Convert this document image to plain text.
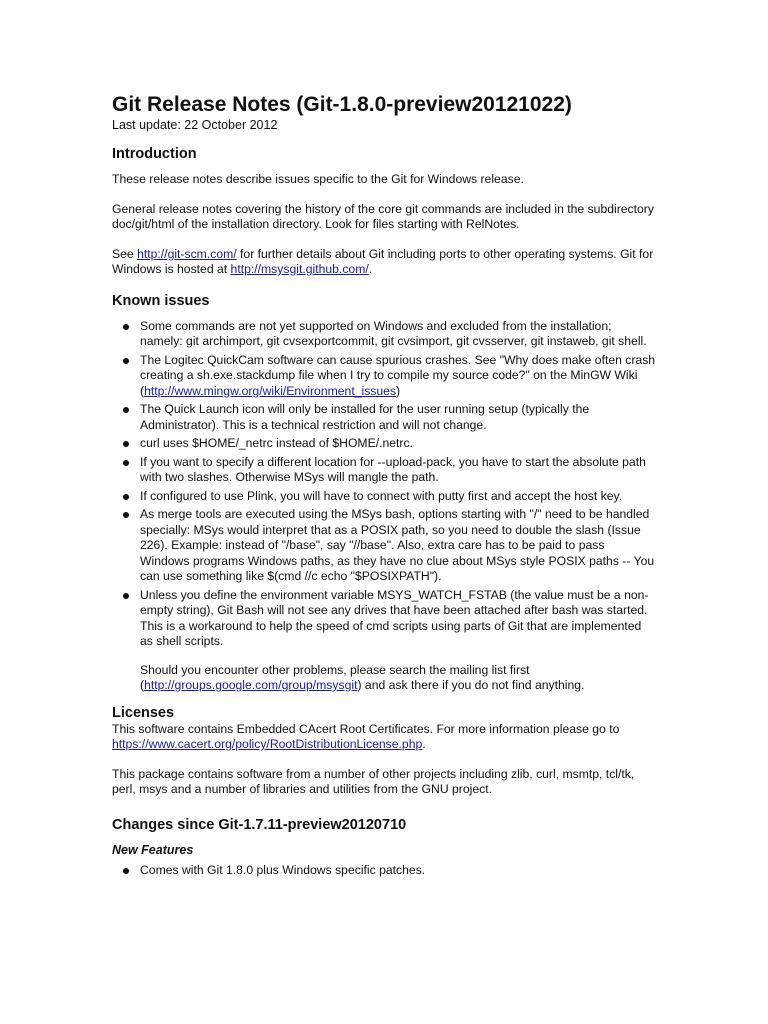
Git Release Notes (Git-1.8.0-preview20121022)
Last update: 22 October 2012
Introduction

These release notes describe issues specific to the Git for Windows release.

General release notes covering the history of the core git commands are included in the subdirectory doc/git/html of the installation directory. Look for files starting with RelNotes.

See http://git-scm.com/ for further details about Git including ports to other operating systems. Git for Windows is hosted at http://msysgit.github.com/.

Known issues
Some commands are not yet supported on Windows and excluded from the installation; namely: git archimport, git cvsexportcommit, git cvsimport, git cvsserver, git instaweb, git shell.
The Logitec QuickCam software can cause spurious crashes. See "Why does make often crash creating a sh.exe.stackdump file when I try to compile my source code?" on the MinGW Wiki (http://www.mingw.org/wiki/Environment_issues)
The Quick Launch icon will only be installed for the user running setup (typically the Administrator). This is a technical restriction and will not change.
curl uses $HOME/_netrc instead of $HOME/.netrc.
If you want to specify a different location for --upload-pack, you have to start the absolute path with two slashes. Otherwise MSys will mangle the path.
If configured to use Plink, you will have to connect with putty first and accept the host key.
As merge tools are executed using the MSys bash, options starting with "/" need to be handled specially: MSys would interpret that as a POSIX path, so you need to double the slash (Issue 226). Example: instead of "/base", say "//base". Also, extra care has to be paid to pass Windows programs Windows paths, as they have no clue about MSys style POSIX paths -- You can use something like $(cmd //c echo "$POSIXPATH").
Unless you define the environment variable MSYS_WATCH_FSTAB (the value must be a non-empty string), Git Bash will not see any drives that have been attached after bash was started. This is a workaround to help the speed of cmd scripts using parts of Git that are implemented as shell scripts.
Should you encounter other problems, please search the mailing list first (http://groups.google.com/group/msysgit) and ask there if you do not find anything.
Licenses

This software contains Embedded CAcert Root Certificates. For more information please go to https://www.cacert.org/policy/RootDistributionLicense.php.

This package contains software from a number of other projects including zlib, curl, msmtp, tcl/tk, perl, msys and a number of libraries and utilities from the GNU project.

Changes since Git-1.7.11-preview20120710
New Features
Comes with Git 1.8.0 plus Windows specific patches.
